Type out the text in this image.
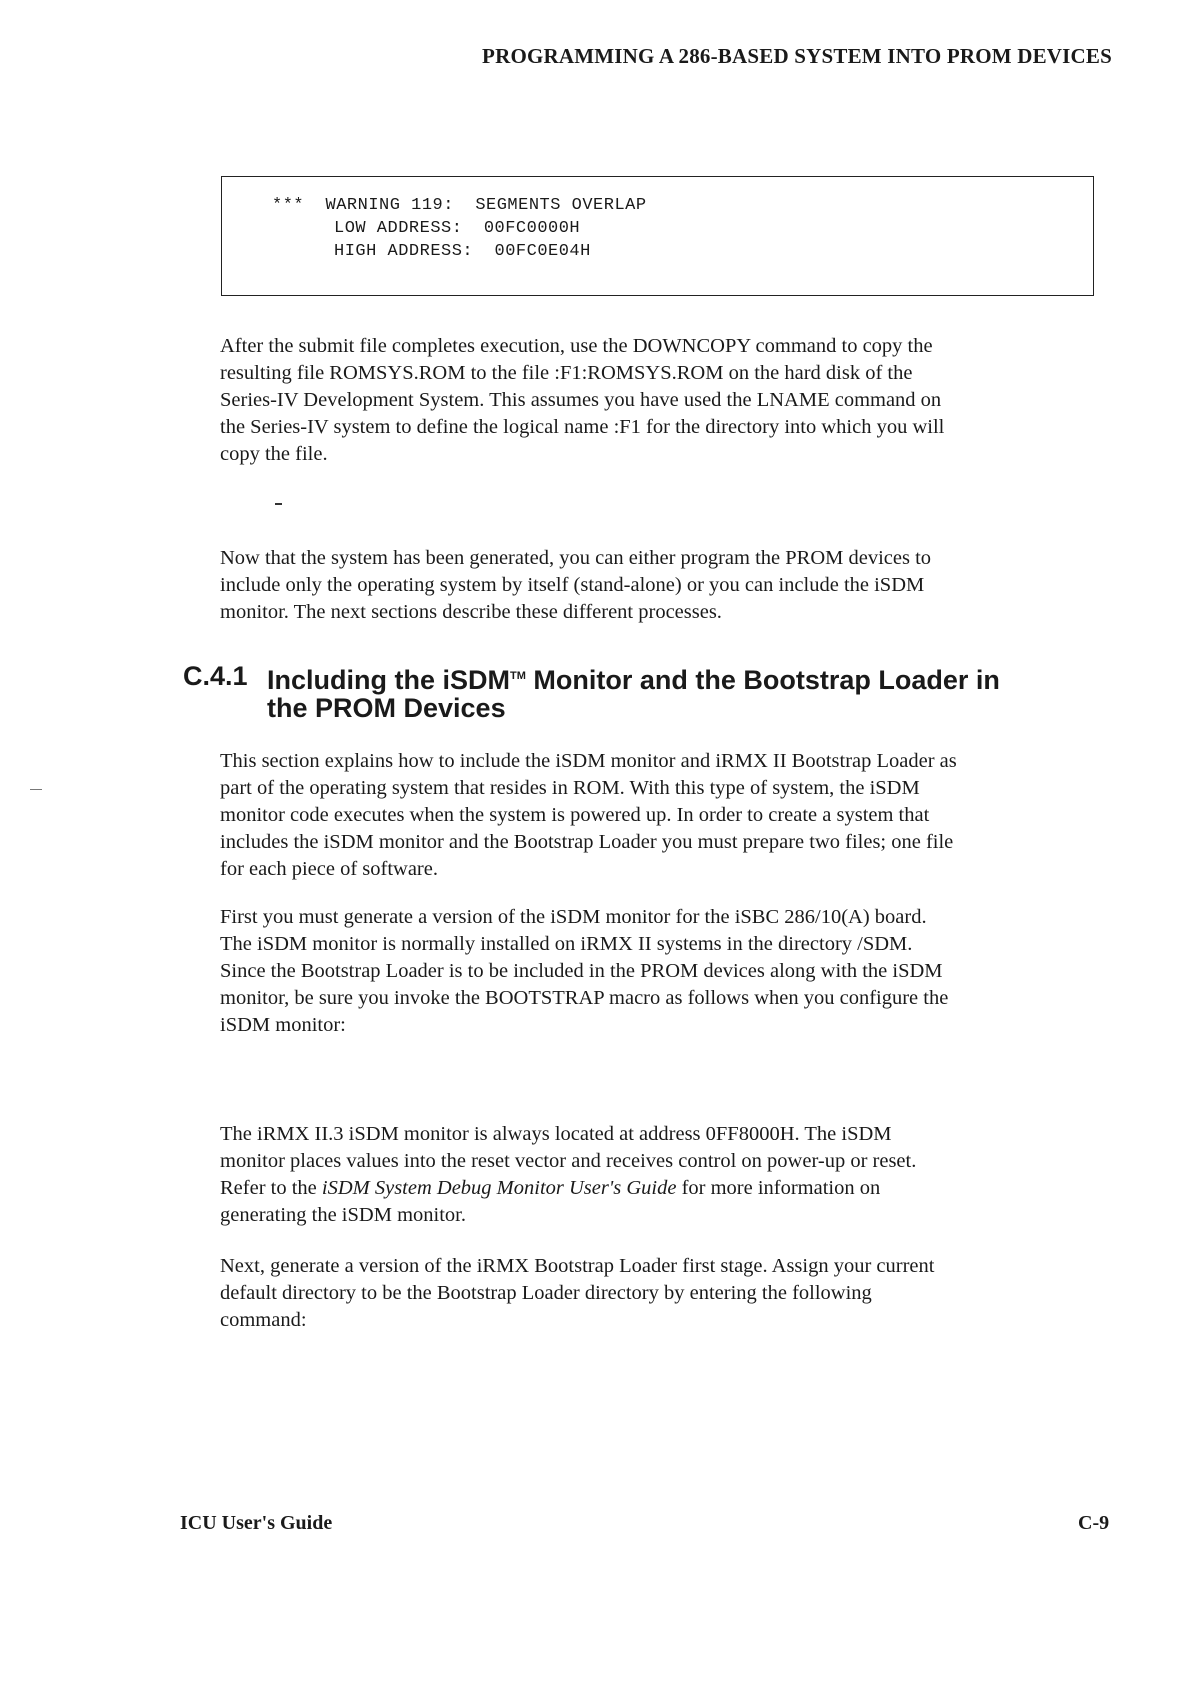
PROGRAMMING A 286-BASED SYSTEM INTO PROM DEVICES
***  WARNING 119:  SEGMENTS OVERLAP
LOW ADDRESS:  00FC0000H
HIGH ADDRESS:  00FC0E04H
After the submit file completes execution, use the DOWNCOPY command to copy the
resulting file ROMSYS.ROM to the file :F1:ROMSYS.ROM on the hard disk of the
Series-IV Development System. This assumes you have used the LNAME command on
the Series-IV system to define the logical name :F1 for the directory into which you will
copy the file.
Now that the system has been generated, you can either program the PROM devices to
include only the operating system by itself (stand-alone) or you can include the iSDM
monitor. The next sections describe these different processes.
C.4.1 Including the iSDM™ Monitor and the Bootstrap Loader in
the PROM Devices
This section explains how to include the iSDM monitor and iRMX II Bootstrap Loader as
part of the operating system that resides in ROM. With this type of system, the iSDM
monitor code executes when the system is powered up. In order to create a system that
includes the iSDM monitor and the Bootstrap Loader you must prepare two files; one file
for each piece of software.
First you must generate a version of the iSDM monitor for the iSBC 286/10(A) board.
The iSDM monitor is normally installed on iRMX II systems in the directory /SDM.
Since the Bootstrap Loader is to be included in the PROM devices along with the iSDM
monitor, be sure you invoke the BOOTSTRAP macro as follows when you configure the
iSDM monitor:
The iRMX II.3 iSDM monitor is always located at address 0FF8000H. The iSDM
monitor places values into the reset vector and receives control on power-up or reset.
Refer to the iSDM System Debug Monitor User's Guide for more information on
generating the iSDM monitor.
Next, generate a version of the iRMX Bootstrap Loader first stage. Assign your current
default directory to be the Bootstrap Loader directory by entering the following
command:
ICU User's Guide	C-9
